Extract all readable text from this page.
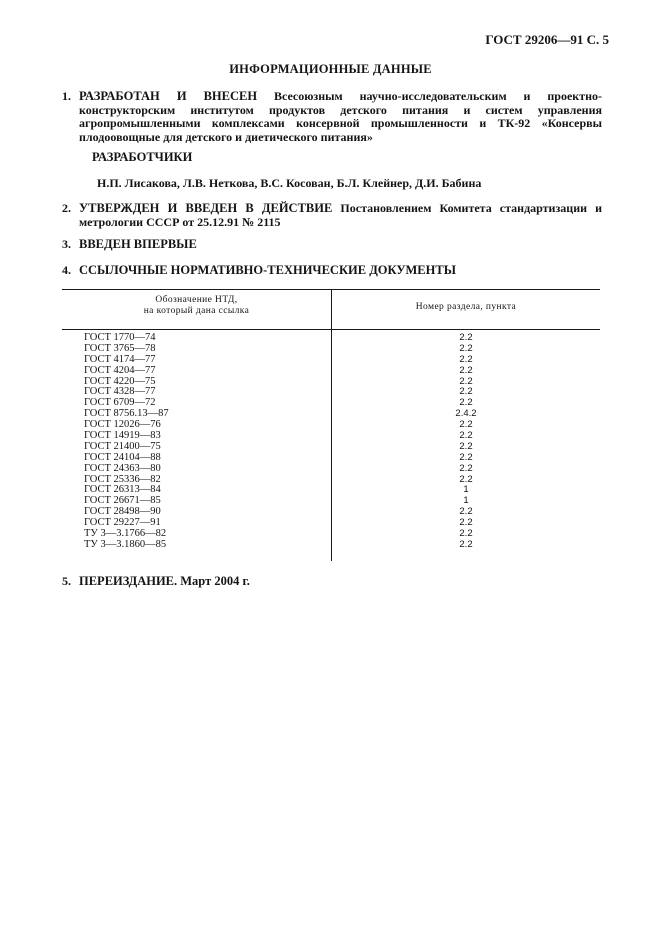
ГОСТ 29206—91 С. 5
ИНФОРМАЦИОННЫЕ ДАННЫЕ
1. РАЗРАБОТАН И ВНЕСЕН Всесоюзным научно-исследовательским и проектно-конструкторским институтом продуктов детского питания и систем управления агропромышленными комплексами консервной промышленности и ТК-92 «Консервы плодоовощные для детского и диетического питания»
РАЗРАБОТЧИКИ
Н.П. Лисакова, Л.В. Неткова, В.С. Косован, Б.Л. Клейнер, Д.И. Бабина
2. УТВЕРЖДЕН И ВВЕДЕН В ДЕЙСТВИЕ Постановлением Комитета стандартизации и метрологии СССР от 25.12.91 № 2115
3. ВВЕДЕН ВПЕРВЫЕ
4. ССЫЛОЧНЫЕ НОРМАТИВНО-ТЕХНИЧЕСКИЕ ДОКУМЕНТЫ
Обозначение НТД,
на который дана ссылка	Номер раздела, пункта
ГОСТ 1770—74	2.2
ГОСТ 3765—78	2.2
ГОСТ 4174—77	2.2
ГОСТ 4204—77	2.2
ГОСТ 4220—75	2.2
ГОСТ 4328—77	2.2
ГОСТ 6709—72	2.2
ГОСТ 8756.13—87	2.4.2
ГОСТ 12026—76	2.2
ГОСТ 14919—83	2.2
ГОСТ 21400—75	2.2
ГОСТ 24104—88	2.2
ГОСТ 24363—80	2.2
ГОСТ 25336—82	2.2
ГОСТ 26313—84	1
ГОСТ 26671—85	1
ГОСТ 28498—90	2.2
ГОСТ 29227—91	2.2
ТУ 3—3.1766—82	2.2
ТУ 3—3.1860—85	2.2
5. ПЕРЕИЗДАНИЕ. Март 2004 г.
